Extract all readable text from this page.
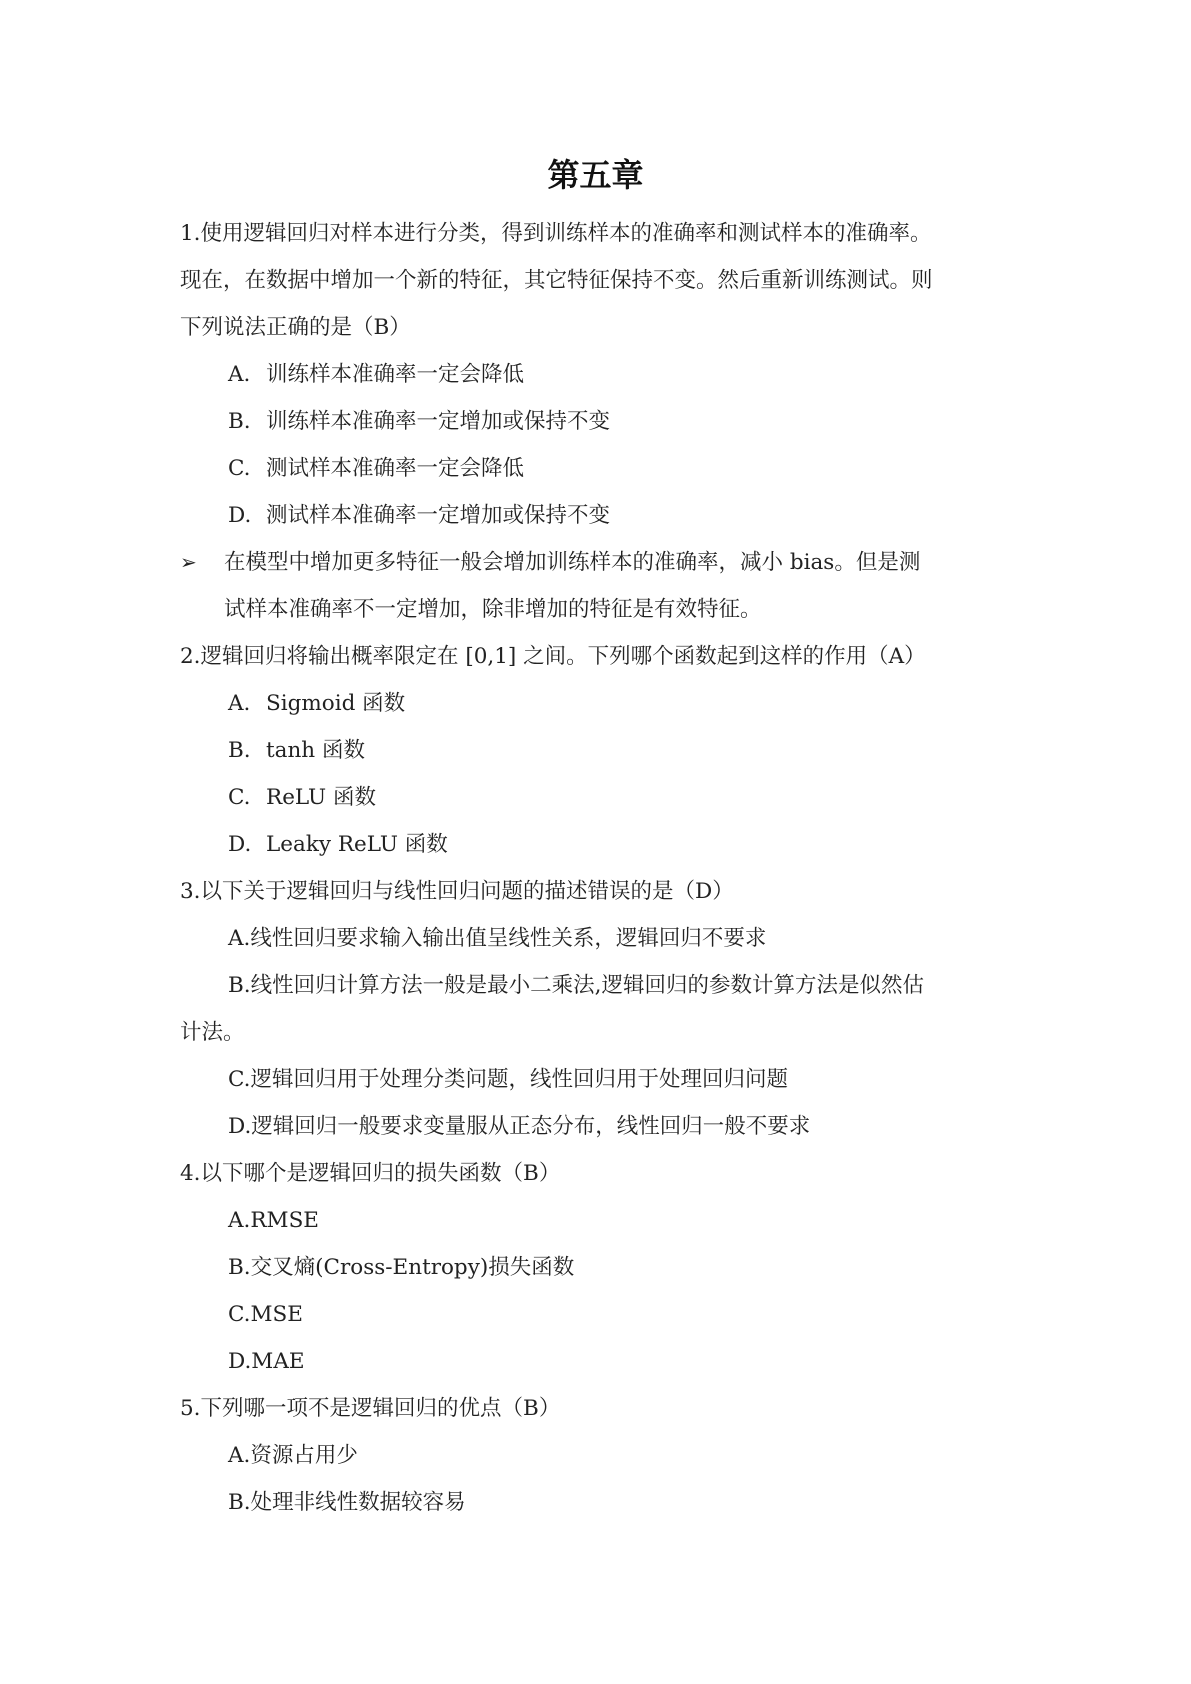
第五章
1.使用逻辑回归对样本进行分类，得到训练样本的准确率和测试样本的准确率。
现在，在数据中增加一个新的特征，其它特征保持不变。然后重新训练测试。则
下列说法正确的是（B）
A. 训练样本准确率一定会降低
B. 训练样本准确率一定增加或保持不变
C. 测试样本准确率一定会降低
D. 测试样本准确率一定增加或保持不变
➢	在模型中增加更多特征一般会增加训练样本的准确率，减小 bias。但是测
试样本准确率不一定增加，除非增加的特征是有效特征。
2.逻辑回归将输出概率限定在 [0,1] 之间。下列哪个函数起到这样的作用（A）
A. Sigmoid 函数
B. tanh 函数
C. ReLU 函数
D. Leaky ReLU 函数
3.以下关于逻辑回归与线性回归问题的描述错误的是（D）
A.线性回归要求输入输出值呈线性关系，逻辑回归不要求
B.线性回归计算方法一般是最小二乘法,逻辑回归的参数计算方法是似然估
计法。
C.逻辑回归用于处理分类问题，线性回归用于处理回归问题
D.逻辑回归一般要求变量服从正态分布，线性回归一般不要求
4.以下哪个是逻辑回归的损失函数（B）
A.RMSE
B.交叉熵(Cross-Entropy)损失函数
C.MSE
D.MAE
5.下列哪一项不是逻辑回归的优点（B）
A.资源占用少
B.处理非线性数据较容易
